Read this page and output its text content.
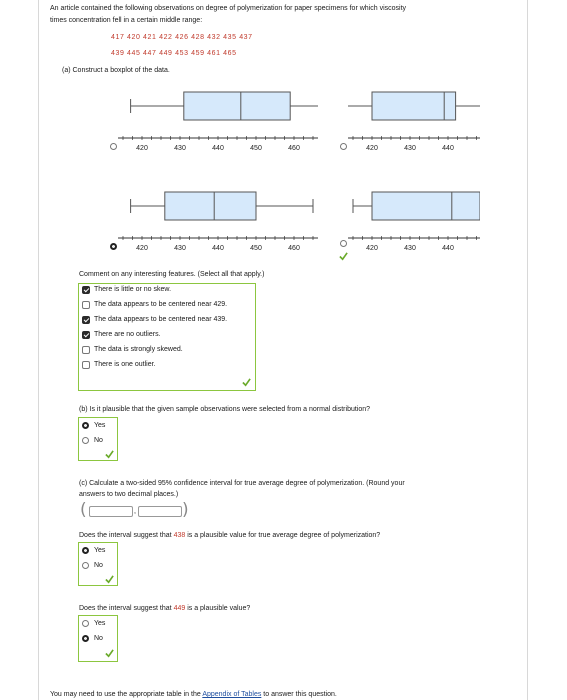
An article contained the following observations on degree of polymerization for paper specimens for which viscosity
times concentration fell in a certain middle range:
417 420 421 422 426 428 432 435 437
439 445 447 449 453 459 461 465
(a) Construct a boxplot of the data.
420	430	440	450	460	420	430	440
420	430	440	450	460	420	430	440
Comment on any interesting features. (Select all that apply.)
There is little or no skew.
The data appears to be centered near 429.
The data appears to be centered near 439.
There are no outliers.
The data is strongly skewed.
There is one outlier.
(b) Is it plausible that the given sample observations were selected from a normal distribution?
Yes
No
(c) Calculate a two-sided 95% confidence interval for true average degree of polymerization. (Round your
answers to two decimal places.)
(	,	)
Does the interval suggest that 438 is a plausible value for true average degree of polymerization?
Yes
No
Does the interval suggest that 449 is a plausible value?
Yes
No
You may need to use the appropriate table in the Appendix of Tables to answer this question.
